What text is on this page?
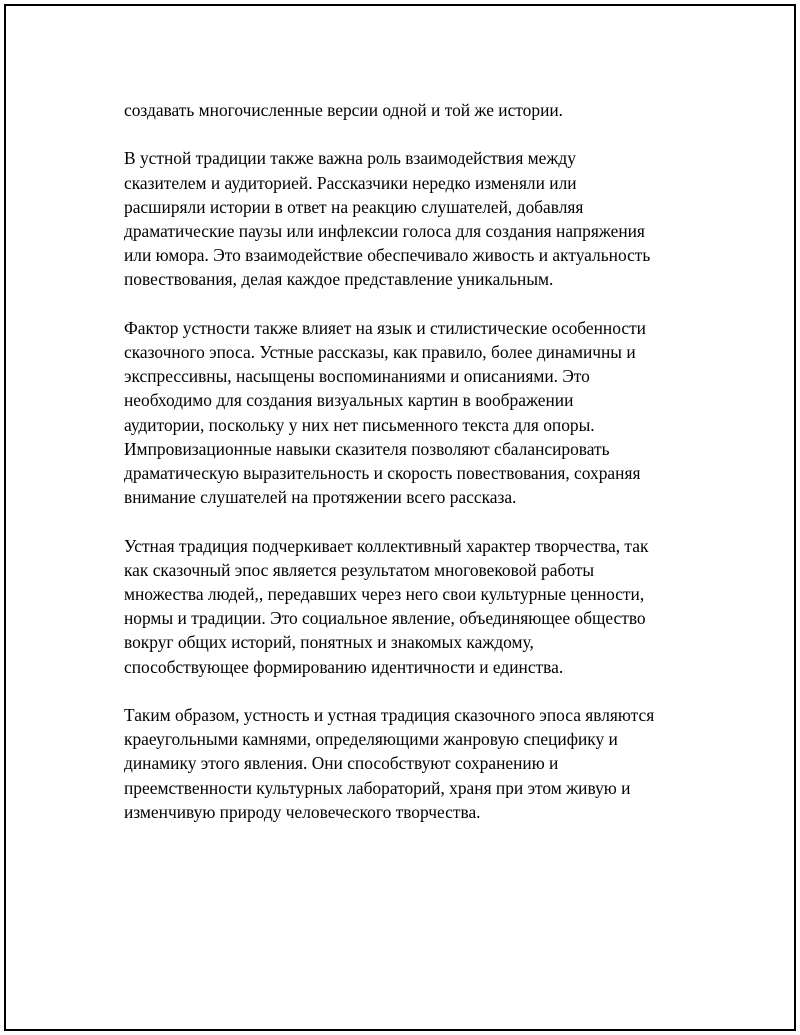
создавать многочисленные версии одной и той же истории.

В устной традиции также важна роль взаимодействия между
сказителем и аудиторией. Рассказчики нередко изменяли или
расширяли истории в ответ на реакцию слушателей, добавляя
драматические паузы или инфлексии голоса для создания напряжения
или юмора. Это взаимодействие обеспечивало живость и актуальность
повествования, делая каждое представление уникальным.

Фактор устности также влияет на язык и стилистические особенности
сказочного эпоса. Устные рассказы, как правило, более динамичны и
экспрессивны, насыщены воспоминаниями и описаниями. Это
необходимо для создания визуальных картин в воображении
аудитории, поскольку у них нет письменного текста для опоры.
Импровизационные навыки сказителя позволяют сбалансировать
драматическую выразительность и скорость повествования, сохраняя
внимание слушателей на протяжении всего рассказа.

Устная традиция подчеркивает коллективный характер творчества, так
как сказочный эпос является результатом многовековой работы
множества людей,, передавших через него свои культурные ценности,
нормы и традиции. Это социальное явление, объединяющее общество
вокруг общих историй, понятных и знакомых каждому,
способствующее формированию идентичности и единства.

Таким образом, устность и устная традиция сказочного эпоса являются
краеугольными камнями, определяющими жанровую специфику и
динамику этого явления. Они способствуют сохранению и
преемственности культурных лабораторий, храня при этом живую и
изменчивую природу человеческого творчества.
